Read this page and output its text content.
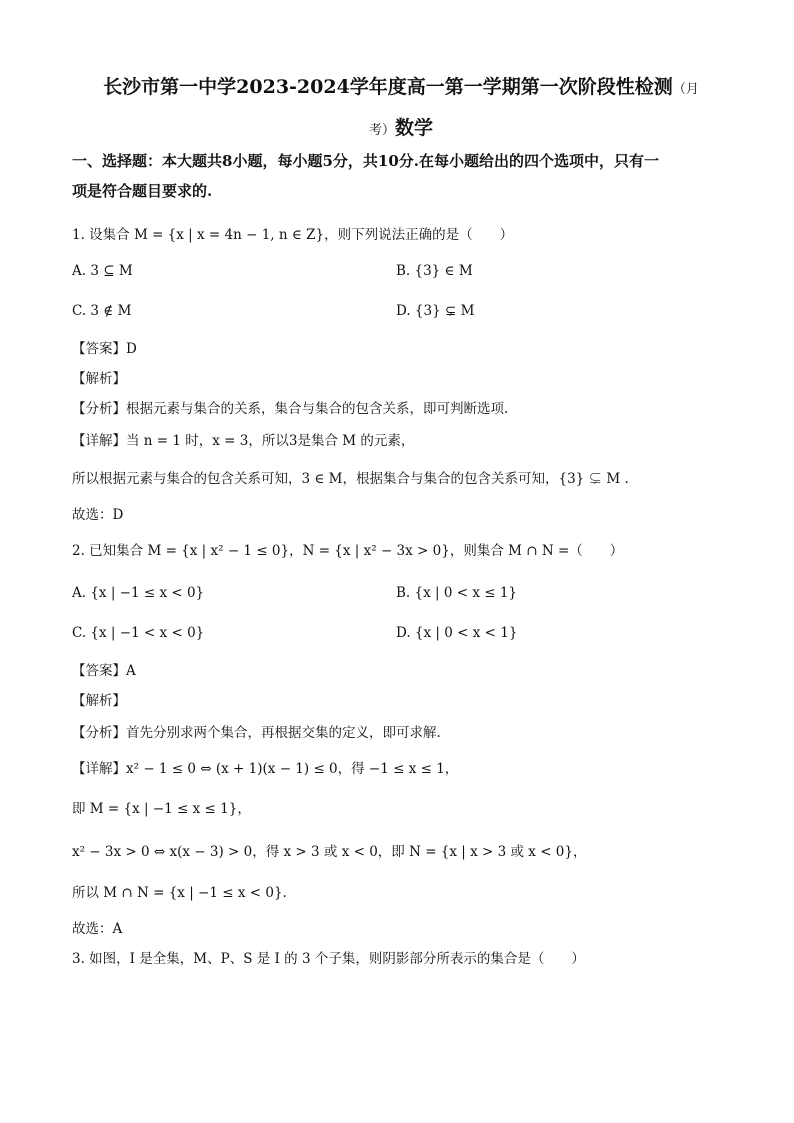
长沙市第一中学2023-2024学年度高一第一学期第一次阶段性检测（月
考）数学
一、选择题：本大题共8小题，每小题5分，共10分.在每小题给出的四个选项中，只有一
项是符合题目要求的.
1. 设集合 M = {x | x = 4n − 1, n ∈ Z}，则下列说法正确的是（　　）
A. 3 ⊆ M	B. {3} ∈ M
C. 3 ∉ M	D. {3} ⊊ M
【答案】D
【解析】
【分析】根据元素与集合的关系，集合与集合的包含关系，即可判断选项.
【详解】当 n = 1 时，x = 3，所以3是集合 M 的元素，
所以根据元素与集合的包含关系可知，3 ∈ M，根据集合与集合的包含关系可知，{3} ⊊ M .
故选：D
2. 已知集合 M = {x | x² − 1 ≤ 0}，N = {x | x² − 3x > 0}，则集合 M ∩ N =（　　）
A. {x | −1 ≤ x < 0}	B. {x | 0 < x ≤ 1}
C. {x | −1 < x < 0}	D. {x | 0 < x < 1}
【答案】A
【解析】
【分析】首先分别求两个集合，再根据交集的定义，即可求解.
【详解】x² − 1 ≤ 0 ⇔ (x + 1)(x − 1) ≤ 0，得 −1 ≤ x ≤ 1，
即 M = {x | −1 ≤ x ≤ 1}，
x² − 3x > 0 ⇔ x(x − 3) > 0，得 x > 3 或 x < 0，即 N = {x | x > 3 或 x < 0}，
所以 M ∩ N = {x | −1 ≤ x < 0}.
故选：A
3. 如图，I 是全集，M、P、S 是 I 的 3 个子集，则阴影部分所表示的集合是（　　）
